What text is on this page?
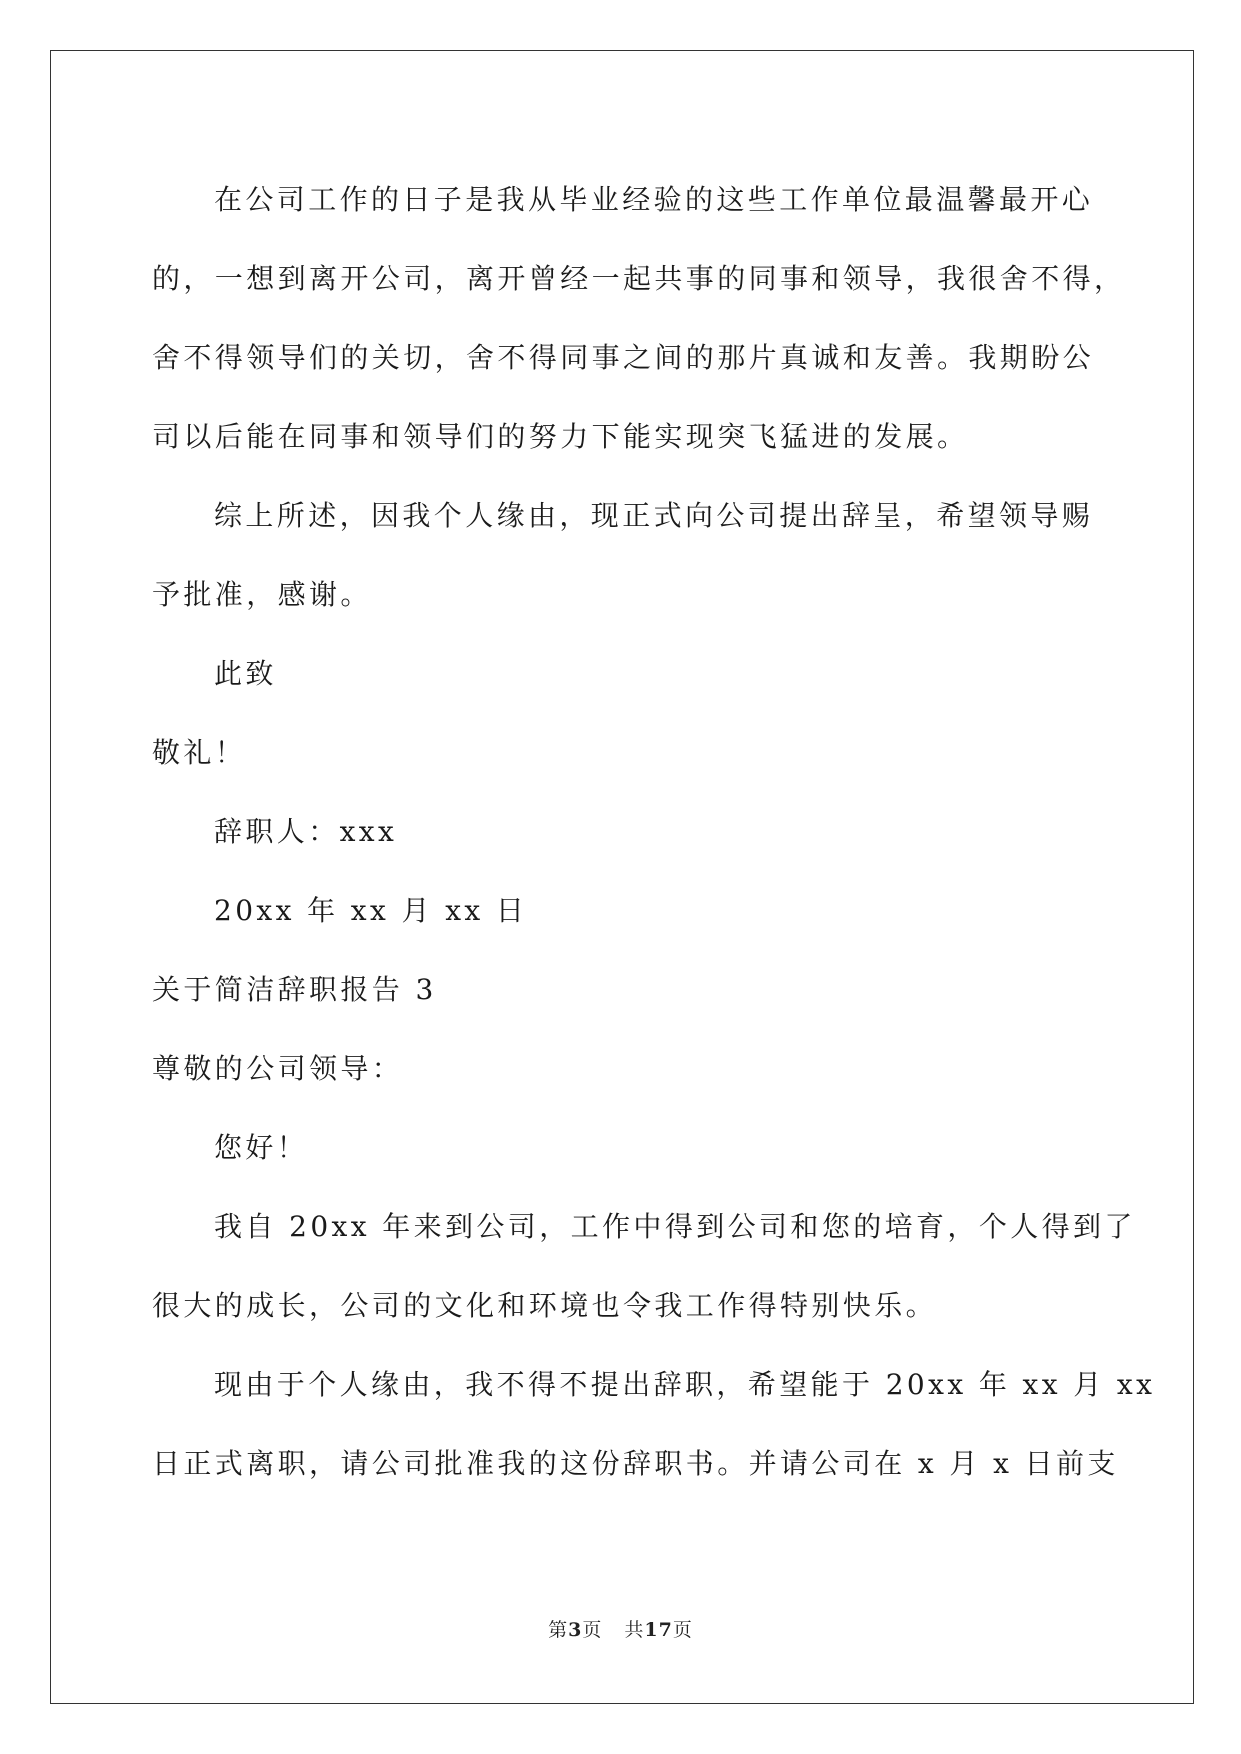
在公司工作的日子是我从毕业经验的这些工作单位最温馨最开心
的，一想到离开公司，离开曾经一起共事的同事和领导，我很舍不得，
舍不得领导们的关切，舍不得同事之间的那片真诚和友善。我期盼公
司以后能在同事和领导们的努力下能实现突飞猛进的发展。
综上所述，因我个人缘由，现正式向公司提出辞呈，希望领导赐
予批准，感谢。
此致
敬礼！
辞职人：xxx
20xx 年 xx 月 xx 日
关于简洁辞职报告 3
尊敬的公司领导：
您好！
我自 20xx 年来到公司，工作中得到公司和您的培育，个人得到了
很大的成长，公司的文化和环境也令我工作得特别快乐。
现由于个人缘由，我不得不提出辞职，希望能于 20xx 年 xx 月 xx
日正式离职，请公司批准我的这份辞职书。并请公司在 x 月 x 日前支
第3页 共17页
